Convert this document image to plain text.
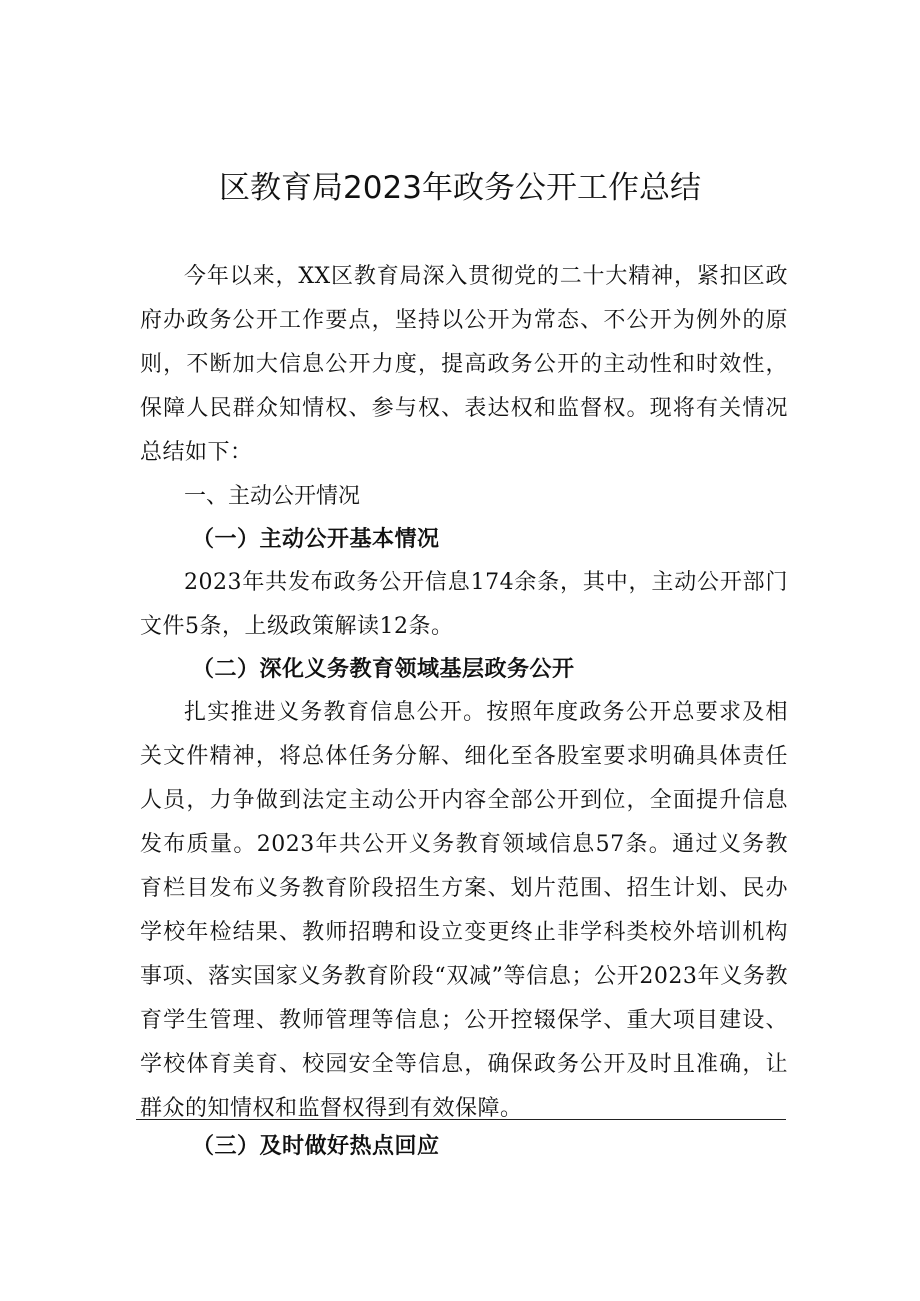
区教育局2023年政务公开工作总结

今年以来，XX区教育局深入贯彻党的二十大精神，紧扣区政府办政务公开工作要点，坚持以公开为常态、不公开为例外的原则，不断加大信息公开力度，提高政务公开的主动性和时效性，保障人民群众知情权、参与权、表达权和监督权。现将有关情况总结如下：

一、主动公开情况
（一）主动公开基本情况

2023年共发布政务公开信息174余条，其中，主动公开部门文件5条，上级政策解读12条。

（二）深化义务教育领域基层政务公开

扎实推进义务教育信息公开。按照年度政务公开总要求及相关文件精神，将总体任务分解、细化至各股室要求明确具体责任人员，力争做到法定主动公开内容全部公开到位，全面提升信息发布质量。2023年共公开义务教育领域信息57条。通过义务教育栏目发布义务教育阶段招生方案、划片范围、招生计划、民办学校年检结果、教师招聘和设立变更终止非学科类校外培训机构事项、落实国家义务教育阶段“双减”等信息；公开2023年义务教育学生管理、教师管理等信息；公开控辍保学、重大项目建设、学校体育美育、校园安全等信息，确保政务公开及时且准确，让群众的知情权和监督权得到有效保障。

（三）及时做好热点回应
